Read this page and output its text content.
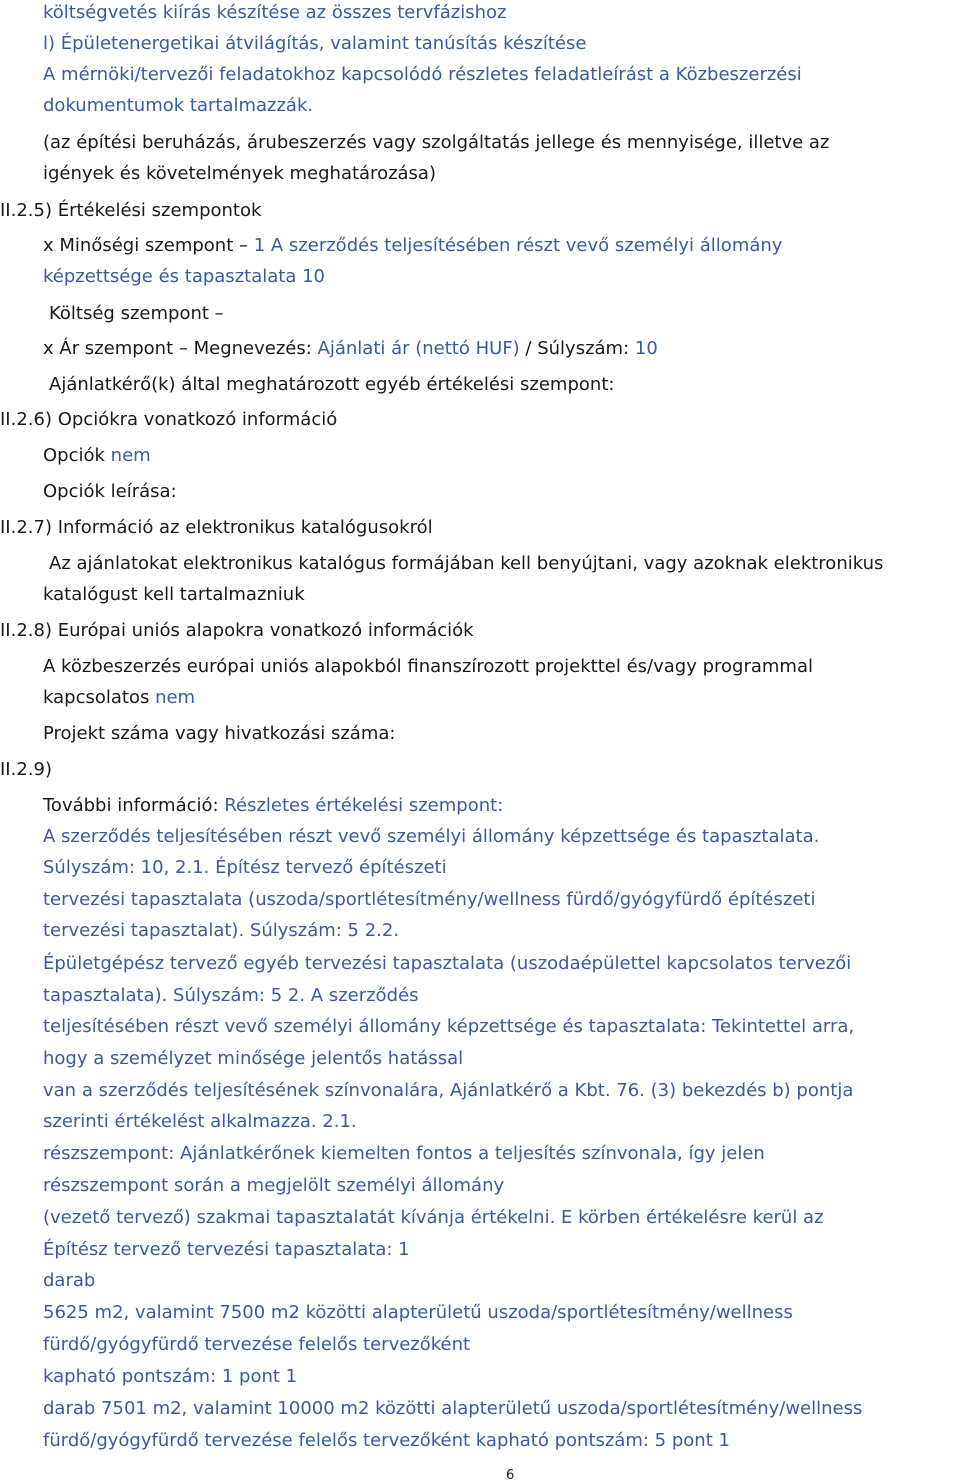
költségvetés kiírás készítése az összes tervfázishoz
l) Épületenergetikai átvilágítás, valamint tanúsítás készítése
A mérnöki/tervezői feladatokhoz kapcsolódó részletes feladatleírást a Közbeszerzési
dokumentumok tartalmazzák.
(az építési beruházás, árubeszerzés vagy szolgáltatás jellege és mennyisége, illetve az
igények és követelmények meghatározása)
II.2.5) Értékelési szempontok
x Minőségi szempont – 1 A szerződés teljesítésében részt vevő személyi állomány
képzettsége és tapasztalata 10
Költség szempont –
x Ár szempont – Megnevezés: Ajánlati ár (nettó HUF) / Súlyszám: 10
Ajánlatkérő(k) által meghatározott egyéb értékelési szempont:
II.2.6) Opciókra vonatkozó információ
Opciók nem
Opciók leírása:
II.2.7) Információ az elektronikus katalógusokról
Az ajánlatokat elektronikus katalógus formájában kell benyújtani, vagy azoknak elektronikus
katalógust kell tartalmazniuk
II.2.8) Európai uniós alapokra vonatkozó információk
A közbeszerzés európai uniós alapokból finanszírozott projekttel és/vagy programmal
kapcsolatos nem
Projekt száma vagy hivatkozási száma:
II.2.9)
További információ: Részletes értékelési szempont:
A szerződés teljesítésében részt vevő személyi állomány képzettsége és tapasztalata.
Súlyszám: 10, 2.1. Építész tervező építészeti
tervezési tapasztalata (uszoda/sportlétesítmény/wellness fürdő/gyógyfürdő építészeti
tervezési tapasztalat). Súlyszám: 5 2.2.
Épületgépész tervező egyéb tervezési tapasztalata (uszodaépülettel kapcsolatos tervezői
tapasztalata). Súlyszám: 5 2. A szerződés
teljesítésében részt vevő személyi állomány képzettsége és tapasztalata: Tekintettel arra,
hogy a személyzet minősége jelentős hatással
van a szerződés teljesítésének színvonalára, Ajánlatkérő a Kbt. 76. (3) bekezdés b) pontja
szerinti értékelést alkalmazza. 2.1.
részszempont: Ajánlatkérőnek kiemelten fontos a teljesítés színvonala, így jelen
részszempont során a megjelölt személyi állomány
(vezető tervező) szakmai tapasztalatát kívánja értékelni. E körben értékelésre kerül az
Építész tervező tervezési tapasztalata: 1
darab
5625 m2, valamint 7500 m2 közötti alapterületű uszoda/sportlétesítmény/wellness
fürdő/gyógyfürdő tervezése felelős tervezőként
kapható pontszám: 1 pont 1
darab 7501 m2, valamint 10000 m2 közötti alapterületű uszoda/sportlétesítmény/wellness
fürdő/gyógyfürdő tervezése felelős tervezőként kapható pontszám: 5 pont 1
6
